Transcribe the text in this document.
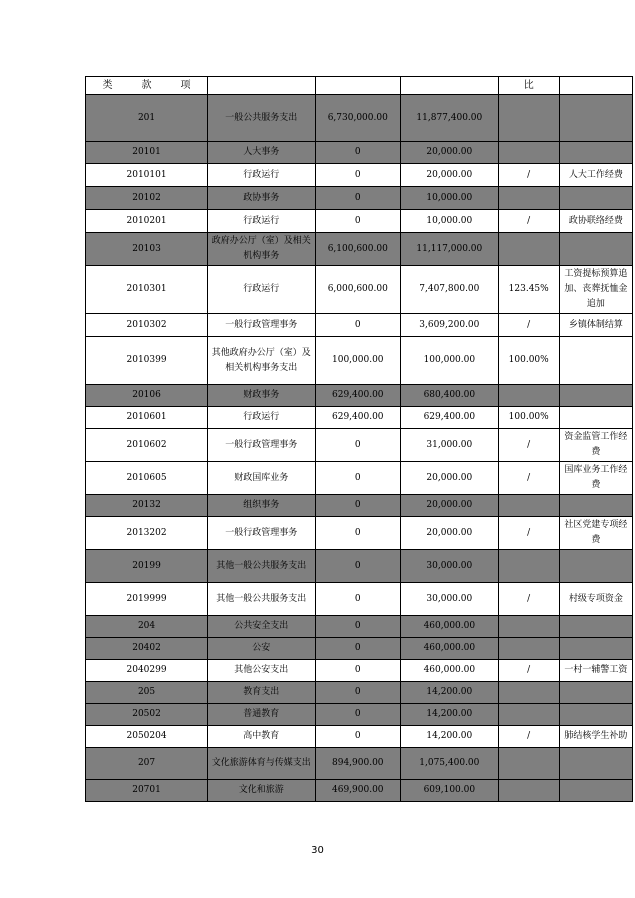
类 款 项				比	
201	一般公共服务支出	6,730,000.00	11,877,400.00		
20101	人大事务	0	20,000.00		
2010101	行政运行	0	20,000.00	/	人大工作经费
20102	政协事务	0	10,000.00		
2010201	行政运行	0	10,000.00	/	政协联络经费
20103	政府办公厅（室）及相关机构事务	6,100,600.00	11,117,000.00		
2010301	行政运行	6,000,600.00	7,407,800.00	123.45%	工资提标预算追加、丧葬抚恤金追加
2010302	一般行政管理事务	0	3,609,200.00	/	乡镇体制结算
2010399	其他政府办公厅（室）及相关机构事务支出	100,000.00	100,000.00	100.00%	
20106	财政事务	629,400.00	680,400.00		
2010601	行政运行	629,400.00	629,400.00	100.00%	
2010602	一般行政管理事务	0	31,000.00	/	资金监管工作经费
2010605	财政国库业务	0	20,000.00	/	国库业务工作经费
20132	组织事务	0	20,000.00		
2013202	一般行政管理事务	0	20,000.00	/	社区党建专项经费
20199	其他一般公共服务支出	0	30,000.00		
2019999	其他一般公共服务支出	0	30,000.00	/	村级专项资金
204	公共安全支出	0	460,000.00		
20402	公安	0	460,000.00		
2040299	其他公安支出	0	460,000.00	/	一村一辅警工资
205	教育支出	0	14,200.00		
20502	普通教育	0	14,200.00		
2050204	高中教育	0	14,200.00	/	肺结核学生补助
207	文化旅游体育与传媒支出	894,900.00	1,075,400.00		
20701	文化和旅游	469,900.00	609,100.00		
30
